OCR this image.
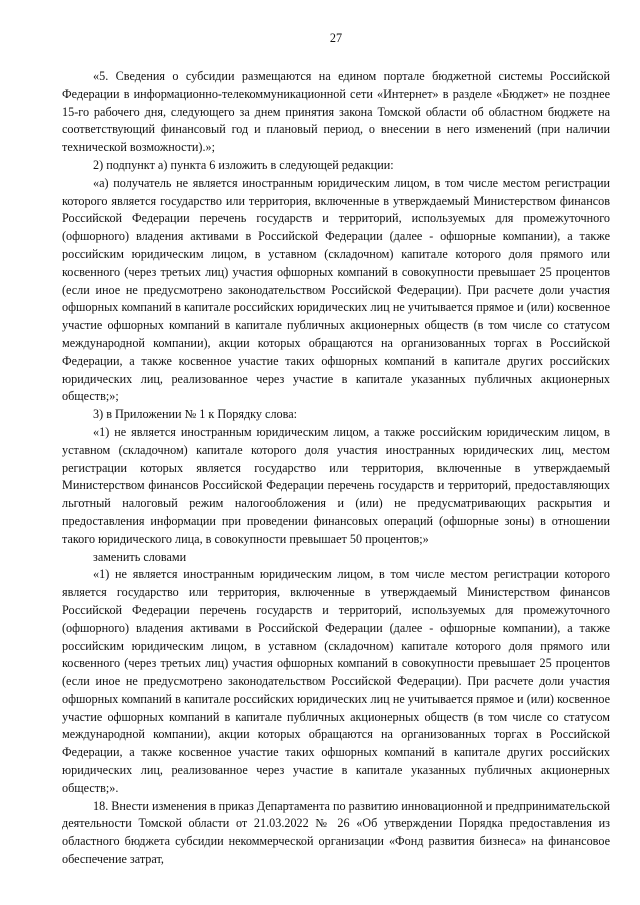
27

«5. Сведения о субсидии размещаются на едином портале бюджетной системы Российской Федерации в информационно-телекоммуникационной сети «Интернет» в разделе «Бюджет» не позднее 15-го рабочего дня, следующего за днем принятия закона Томской области об областном бюджете на соответствующий финансовый год и плановый период, о внесении в него изменений (при наличии технической возможности).»;

2) подпункт а) пункта 6 изложить в следующей редакции:

«а) получатель не является иностранным юридическим лицом, в том числе местом регистрации которого является государство или территория, включенные в утверждаемый Министерством финансов Российской Федерации перечень государств и территорий, используемых для промежуточного (офшорного) владения активами в Российской Федерации (далее - офшорные компании), а также российским юридическим лицом, в уставном (складочном) капитале которого доля прямого или косвенного (через третьих лиц) участия офшорных компаний в совокупности превышает 25 процентов (если иное не предусмотрено законодательством Российской Федерации). При расчете доли участия офшорных компаний в капитале российских юридических лиц не учитывается прямое и (или) косвенное участие офшорных компаний в капитале публичных акционерных обществ (в том числе со статусом международной компании), акции которых обращаются на организованных торгах в Российской Федерации, а также косвенное участие таких офшорных компаний в капитале других российских юридических лиц, реализованное через участие в капитале указанных публичных акционерных обществ;»;

3) в Приложении № 1 к Порядку слова:

«1) не является иностранным юридическим лицом, а также российским юридическим лицом, в уставном (складочном) капитале которого доля участия иностранных юридических лиц, местом регистрации которых является государство или территория, включенные в утверждаемый Министерством финансов Российской Федерации перечень государств и территорий, предоставляющих льготный налоговый режим налогообложения и (или) не предусматривающих раскрытия и предоставления информации при проведении финансовых операций (офшорные зоны) в отношении такого юридического лица, в совокупности превышает 50 процентов;»

заменить словами

«1) не является иностранным юридическим лицом, в том числе местом регистрации которого является государство или территория, включенные в утверждаемый Министерством финансов Российской Федерации перечень государств и территорий, используемых для промежуточного (офшорного) владения активами в Российской Федерации (далее - офшорные компании), а также российским юридическим лицом, в уставном (складочном) капитале которого доля прямого или косвенного (через третьих лиц) участия офшорных компаний в совокупности превышает 25 процентов (если иное не предусмотрено законодательством Российской Федерации). При расчете доли участия офшорных компаний в капитале российских юридических лиц не учитывается прямое и (или) косвенное участие офшорных компаний в капитале публичных акционерных обществ (в том числе со статусом международной компании), акции которых обращаются на организованных торгах в Российской Федерации, а также косвенное участие таких офшорных компаний в капитале других российских юридических лиц, реализованное через участие в капитале указанных публичных акционерных обществ;».

18. Внести изменения в приказ Департамента по развитию инновационной и предпринимательской деятельности Томской области от 21.03.2022 № 26 «Об утверждении Порядка предоставления из областного бюджета субсидии некоммерческой организации «Фонд развития бизнеса» на финансовое обеспечение затрат,
